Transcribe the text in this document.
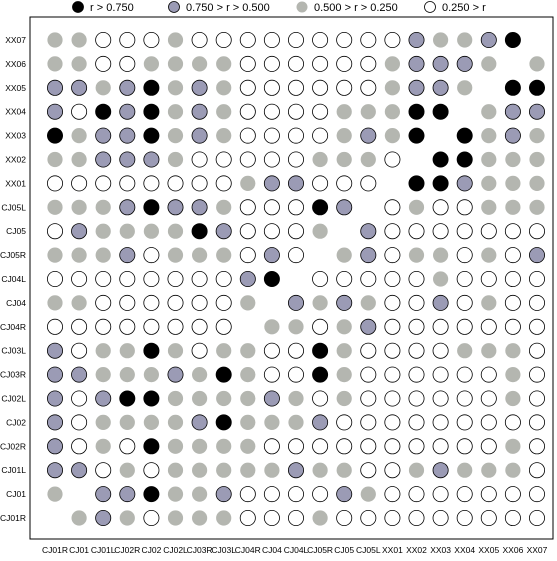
r > 0.750	0.750 > r > 0.500	0.500 > r > 0.250	0.250 > r
XX07
XX06
XX05
XX04
XX03
XX02
XX01
CJ05L
CJ05
CJ05R
CJ04L
CJ04
CJ04R
CJ03L
CJ03R
CJ02L
CJ02
CJ02R
CJ01L
CJ01
CJ01R
CJ01R CJ01 CJ01L
CJ02R CJ02 CJ02L
CJ03R
CJ03L
CJ04R CJ04 CJ04L
CJ05R CJ05 CJ05L XX01 XX02 XX03 XX04 XX05 XX06 XX07
